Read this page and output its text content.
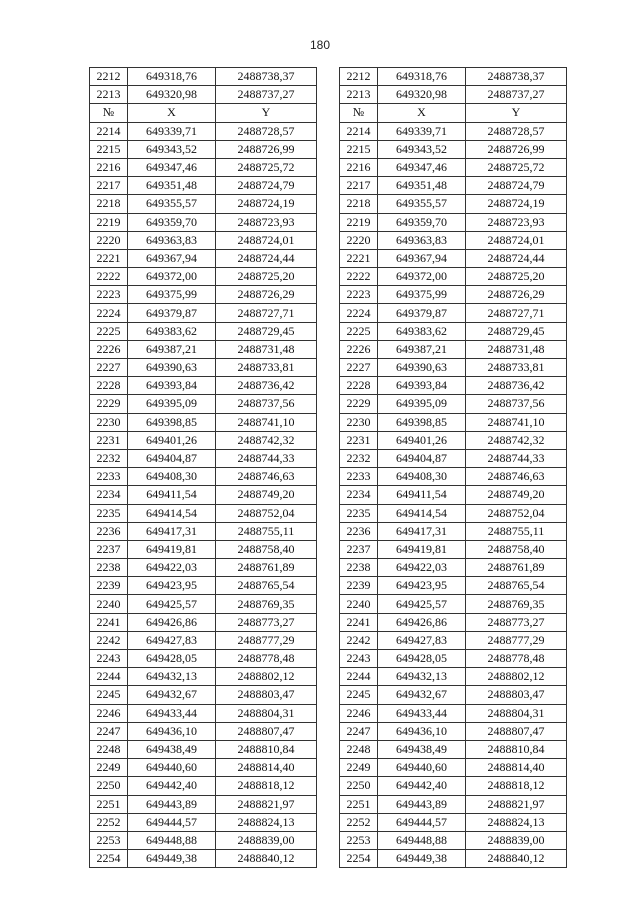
180
2212	649318,76	2488738,37		2212	649318,76	2488738,37
2213	649320,98	2488737,27		2213	649320,98	2488737,27
№	X	Y		№	X	Y
2214	649339,71	2488728,57		2214	649339,71	2488728,57
2215	649343,52	2488726,99		2215	649343,52	2488726,99
2216	649347,46	2488725,72		2216	649347,46	2488725,72
2217	649351,48	2488724,79		2217	649351,48	2488724,79
2218	649355,57	2488724,19		2218	649355,57	2488724,19
2219	649359,70	2488723,93		2219	649359,70	2488723,93
2220	649363,83	2488724,01		2220	649363,83	2488724,01
2221	649367,94	2488724,44		2221	649367,94	2488724,44
2222	649372,00	2488725,20		2222	649372,00	2488725,20
2223	649375,99	2488726,29		2223	649375,99	2488726,29
2224	649379,87	2488727,71		2224	649379,87	2488727,71
2225	649383,62	2488729,45		2225	649383,62	2488729,45
2226	649387,21	2488731,48		2226	649387,21	2488731,48
2227	649390,63	2488733,81		2227	649390,63	2488733,81
2228	649393,84	2488736,42		2228	649393,84	2488736,42
2229	649395,09	2488737,56		2229	649395,09	2488737,56
2230	649398,85	2488741,10		2230	649398,85	2488741,10
2231	649401,26	2488742,32		2231	649401,26	2488742,32
2232	649404,87	2488744,33		2232	649404,87	2488744,33
2233	649408,30	2488746,63		2233	649408,30	2488746,63
2234	649411,54	2488749,20		2234	649411,54	2488749,20
2235	649414,54	2488752,04		2235	649414,54	2488752,04
2236	649417,31	2488755,11		2236	649417,31	2488755,11
2237	649419,81	2488758,40		2237	649419,81	2488758,40
2238	649422,03	2488761,89		2238	649422,03	2488761,89
2239	649423,95	2488765,54		2239	649423,95	2488765,54
2240	649425,57	2488769,35		2240	649425,57	2488769,35
2241	649426,86	2488773,27		2241	649426,86	2488773,27
2242	649427,83	2488777,29		2242	649427,83	2488777,29
2243	649428,05	2488778,48		2243	649428,05	2488778,48
2244	649432,13	2488802,12		2244	649432,13	2488802,12
2245	649432,67	2488803,47		2245	649432,67	2488803,47
2246	649433,44	2488804,31		2246	649433,44	2488804,31
2247	649436,10	2488807,47		2247	649436,10	2488807,47
2248	649438,49	2488810,84		2248	649438,49	2488810,84
2249	649440,60	2488814,40		2249	649440,60	2488814,40
2250	649442,40	2488818,12		2250	649442,40	2488818,12
2251	649443,89	2488821,97		2251	649443,89	2488821,97
2252	649444,57	2488824,13		2252	649444,57	2488824,13
2253	649448,88	2488839,00		2253	649448,88	2488839,00
2254	649449,38	2488840,12		2254	649449,38	2488840,12
